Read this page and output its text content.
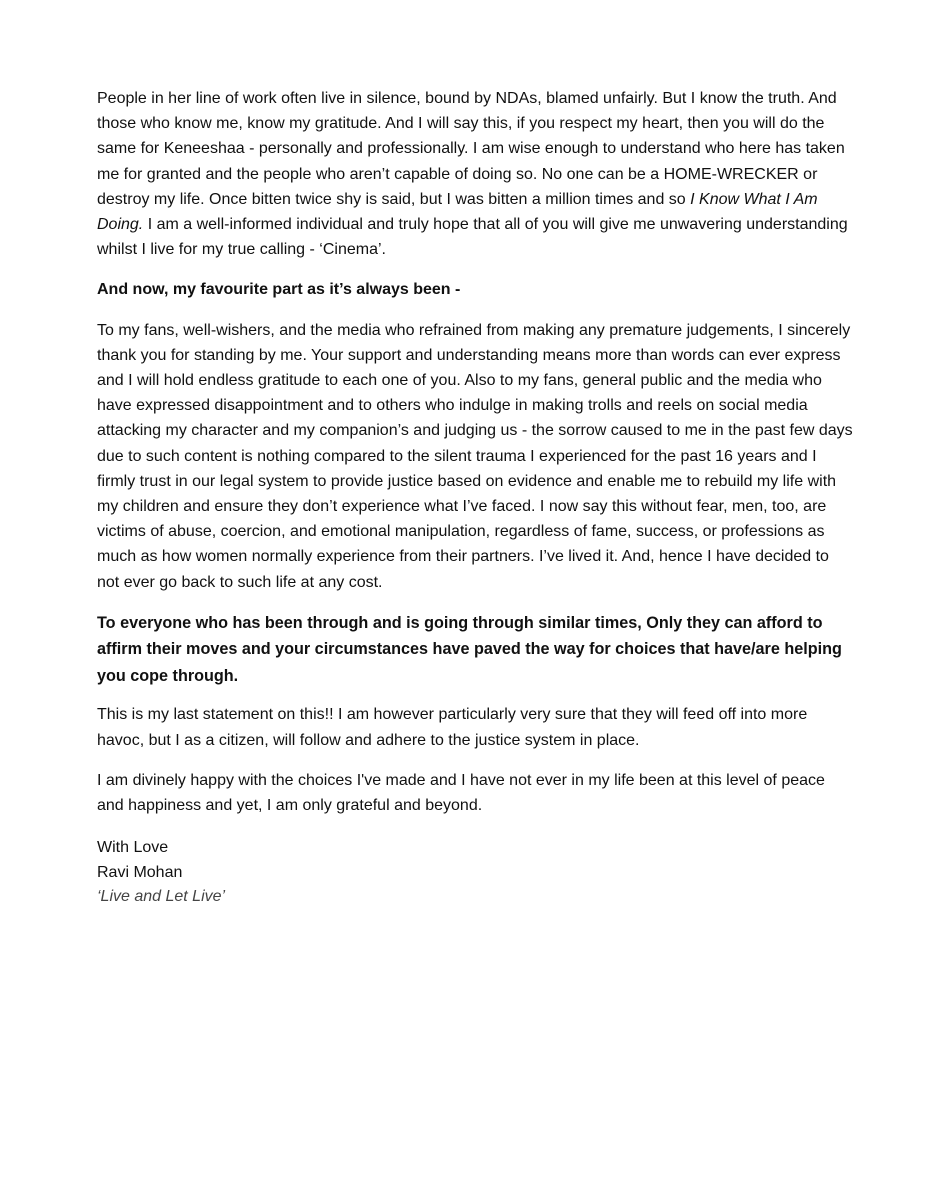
People in her line of work often live in silence, bound by NDAs, blamed unfairly. But I know the truth. And those who know me, know my gratitude. And I will say this, if you respect my heart, then you will do the same for Keneeshaa - personally and professionally. I am wise enough to understand who here has taken me for granted and the people who aren’t capable of doing so. No one can be a HOME-WRECKER or destroy my life. Once bitten twice shy is said, but I was bitten a million times and so I Know What I Am Doing. I am a well-informed individual and truly hope that all of you will give me unwavering understanding whilst I live for my true calling - ‘Cinema’.

And now, my favourite part as it’s always been -

To my fans, well-wishers, and the media who refrained from making any premature judgements, I sincerely thank you for standing by me. Your support and understanding means more than words can ever express and I will hold endless gratitude to each one of you. Also to my fans, general public and the media who have expressed disappointment and to others who indulge in making trolls and reels on social media attacking my character and my companion’s and judging us - the sorrow caused to me in the past few days due to such content is nothing compared to the silent trauma I experienced for the past 16 years and I firmly trust in our legal system to provide justice based on evidence and enable me to rebuild my life with my children and ensure they don’t experience what I’ve faced. I now say this without fear, men, too, are victims of abuse, coercion, and emotional manipulation, regardless of fame, success, or professions as much as how women normally experience from their partners. I’ve lived it. And, hence I have decided to not ever go back to such life at any cost.

To everyone who has been through and is going through similar times, Only they can afford to affirm their moves and your circumstances have paved the way for choices that have/are helping you cope through.

This is my last statement on this!! I am however particularly very sure that they will feed off into more havoc, but I as a citizen, will follow and adhere to the justice system in place.

I am divinely happy with the choices I've made and I have not ever in my life been at this level of peace and happiness and yet, I am only grateful and beyond.

With Love
Ravi Mohan
‘Live and Let Live’
